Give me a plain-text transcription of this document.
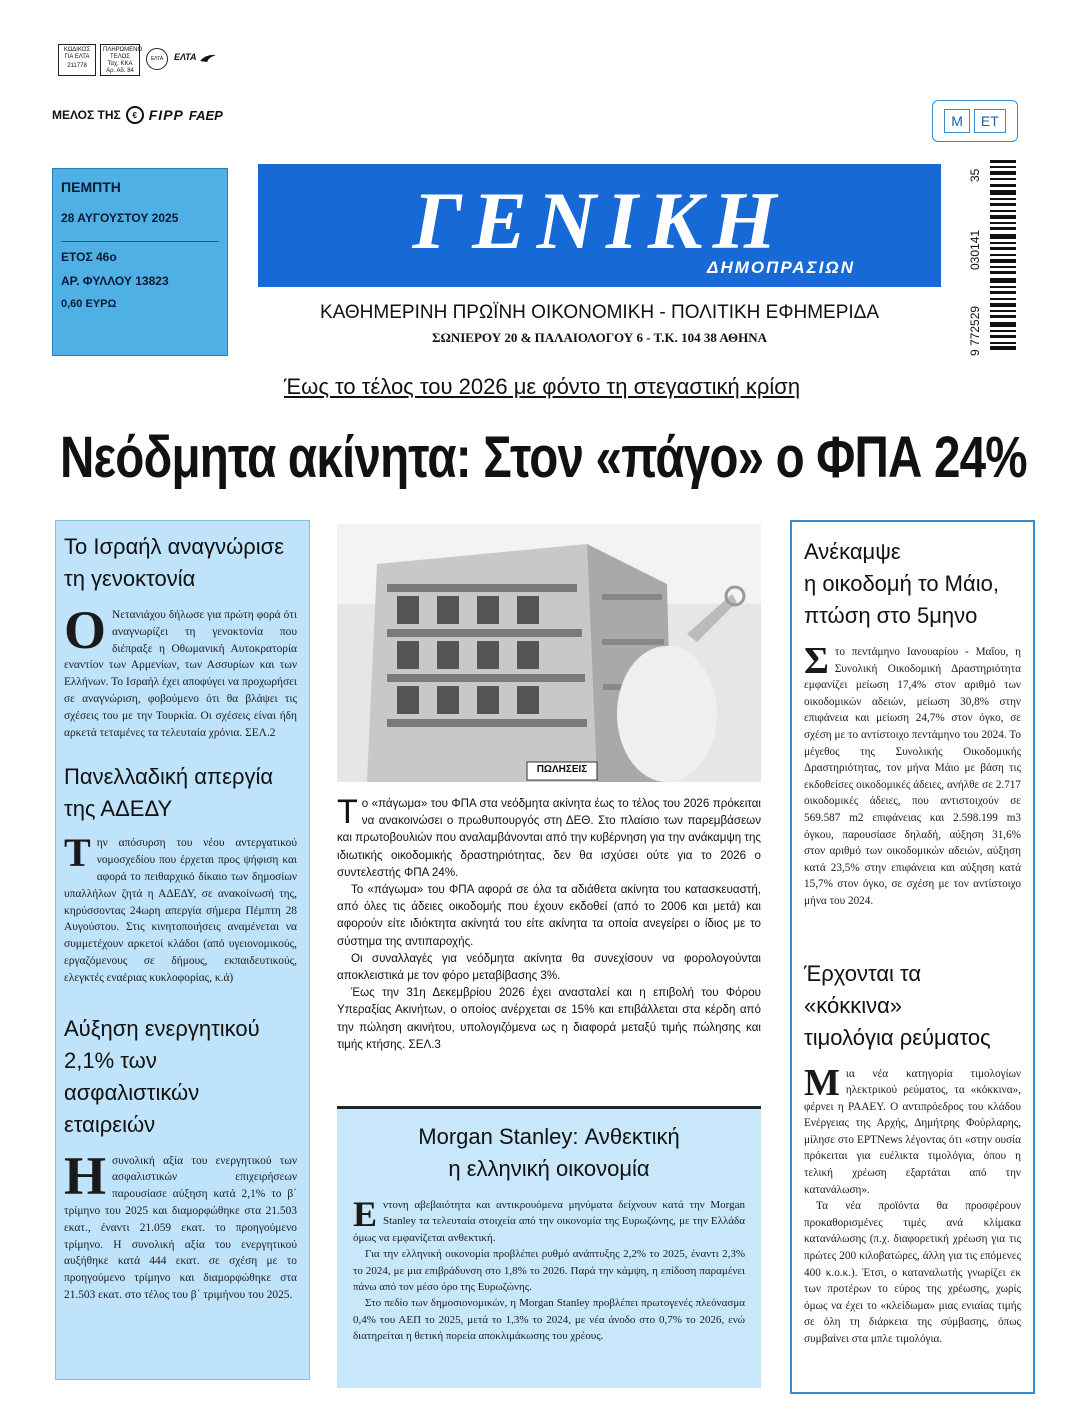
ΚΩΔΙΚΟΣ ΓΙΑ ΕΛΤΑ
211778
ΠΛΗΡΩΜΕΝΟ ΤΕΛΟΣ
Ταχ. ΚΚΑ
Αρ. Αδ. 84
ΕΛΤΑ	ΕΛΤΑ
ΜΕΛΟΣ ΤΗΣ	€ FIPP FAEP	Μ	ΕΤ
ΠΕΜΠΤΗ
28 ΑΥΓΟΥΣΤΟΥ 2025
ΕΤΟΣ 46ο
ΑΡ. ΦΥΛΛΟΥ 13823
0,60 ΕΥΡΩ
ΓΕΝΙΚΗ
ΔΗΜΟΠΡΑΣΙΩΝ
ΚΑΘΗΜΕΡΙΝΗ ΠΡΩΪΝΗ ΟΙΚΟΝΟΜΙΚΗ - ΠΟΛΙΤΙΚΗ ΕΦΗΜΕΡΙΔΑ
ΣΩΝΙΕΡΟΥ 20 & ΠΑΛΑΙΟΛΟΓΟΥ 6 - Τ.Κ. 104 38 ΑΘΗΝΑ
35
030141
9 772529
Έως το τέλος του 2026 με φόντο τη στεγαστική κρίση
Νεόδμητα ακίνητα: Στον «πάγο» ο ΦΠΑ 24%
Το Ισραήλ αναγνώρισε
τη γενοκτονία
Ο Νετανιάχου δήλωσε για πρώτη φορά ότι αναγνωρίζει τη γενοκτονία που διέπραξε η Οθωμανική Αυτοκρατορία εναντίον των Αρμενίων, των Ασσυρίων και των Ελλήνων. Το Ισραήλ έχει αποφύγει να προχωρήσει σε αναγνώριση, φοβούμενο ότι θα βλάψει τις σχέσεις του με την Τουρκία. Οι σχέσεις είναι ήδη αρκετά τεταμένες τα τελευταία χρόνια. ΣΕΛ.2
Πανελλαδική απεργία
της ΑΔΕΔΥ
Τ ην απόσυρση του νέου αντεργατικού νομοσχεδίου που έρχεται προς ψήφιση και αφορά το πειθαρχικό δίκαιο των δημοσίων υπαλλήλων ζητά η ΑΔΕΔΥ, σε ανακοίνωσή της, κηρύσσοντας 24ωρη απεργία σήμερα Πέμπτη 28 Αυγούστου. Στις κινητοποιήσεις αναμένεται να συμμετέχουν αρκετοί κλάδοι (από υγειονομικούς, εργαζόμενους σε δήμους, εκπαιδευτικούς, ελεγκτές εναέριας κυκλοφορίας, κ.ά)
Αύξηση ενεργητικού
2,1% των ασφαλιστικών
εταιρειών
Η συνολική αξία του ενεργητικού των ασφαλιστικών επιχειρήσεων παρουσίασε αύξηση κατά 2,1% το β΄ τρίμηνο του 2025 και διαμορφώθηκε στα 21.503 εκατ., έναντι 21.059 εκατ. το προηγούμενο τρίμηνο. Η συνολική αξία του ενεργητικού αυξήθηκε κατά 444 εκατ. σε σχέση με το προηγούμενο τρίμηνο και διαμορφώθηκε στα 21.503 εκατ. στο τέλος του β΄ τριμήνου του 2025.
ΠΩΛΗΣΕΙΣ

Το «πάγωμα» του ΦΠΑ στα νεόδμητα ακίνητα έως το τέλος του 2026 πρόκειται να ανακοινώσει ο πρωθυπουργός στη ΔΕΘ. Στο πλαίσιο των παρεμβάσεων και πρωτοβουλιών που αναλαμβάνονται από την κυβέρνηση για την ανάκαμψη της ιδιωτικής οικοδομικής δραστηριότητας, δεν θα ισχύσει ούτε για το 2026 ο συντελεστής ΦΠΑ 24%.

Το «πάγωμα» του ΦΠΑ αφορά σε όλα τα αδιάθετα ακίνητα του κατασκευαστή, από όλες τις άδειες οικοδομής που έχουν εκδοθεί (από το 2006 και μετά) και αφορούν είτε ιδιόκτητα ακίνητά του είτε ακίνητα τα οποία ανεγείρει ο ίδιος με το σύστημα της αντιπαροχής.

Οι συναλλαγές για νεόδμητα ακίνητα θα συνεχίσουν να φορολογούνται αποκλειστικά με τον φόρο μεταβίβασης 3%.

Έως την 31η Δεκεμβρίου 2026 έχει ανασταλεί και η επιβολή του Φόρου Υπεραξίας Ακινήτων, ο οποίος ανέρχεται σε 15% και επιβάλλεται στα κέρδη από την πώληση ακινήτου, υπολογιζόμενα ως η διαφορά μεταξύ τιμής πώλησης και τιμής κτήσης. ΣΕΛ.3

Morgan Stanley: Ανθεκτική
η ελληνική οικονομία

Εντονη αβεβαιότητα και αντικρουόμενα μηνύματα δείχνουν κατά την Morgan Stanley τα τελευταία στοιχεία από την οικονομία της Ευρωζώνης, με την Ελλάδα όμως να εμφανίζεται ανθεκτική.

Για την ελληνική οικονομία προβλέπει ρυθμό ανάπτυξης 2,2% το 2025, έναντι 2,3% το 2024, με μια επιβράδυνση στο 1,8% το 2026. Παρά την κάμψη, η επίδοση παραμένει πάνω από τον μέσο όρο της Ευρωζώνης.

Στο πεδίο των δημοσιονομικών, η Morgan Stanley προβλέπει πρωτογενές πλεόνασμα 0,4% του ΑΕΠ το 2025, μετά το 1,3% το 2024, με νέα άνοδο στο 0,7% το 2026, ενώ διατηρείται η θετική πορεία αποκλιμάκωσης του χρέους.

Ανέκαμψε
η οικοδομή το Μάιο,
πτώση στο 5μηνο
Σ το πεντάμηνο Ιανουαρίου - Μαΐου, η Συνολική Οικοδομική Δραστηριότητα εμφανίζει μείωση 17,4% στον αριθμό των οικοδομικών αδειών, μείωση 30,8% στην επιφάνεια και μείωση 24,7% στον όγκο, σε σχέση με το αντίστοιχο πεντάμηνο του 2024. Το μέγεθος της Συνολικής Οικοδομικής Δραστηριότητας, τον μήνα Μάιο με βάση τις εκδοθείσες οικοδομικές άδειες, ανήλθε σε 2.717 οικοδομικές άδειες, που αντιστοιχούν σε 569.587 m2 επιφάνειας και 2.598.199 m3 όγκου, παρουσίασε δηλαδή, αύξηση 31,6% στον αριθμό των οικοδομικών αδειών, αύξηση κατά 23,5% στην επιφάνεια και αύξηση κατά 15,7% στον όγκο, σε σχέση με τον αντίστοιχο μήνα του 2024.
Έρχονται τα «κόκκινα»
τιμολόγια ρεύματος

Μια νέα κατηγορία τιμολογίων ηλεκτρικού ρεύματος, τα «κόκκινα», φέρνει η ΡΑΑΕΥ. Ο αντιπρόεδρος του κλάδου Ενέργειας της Αρχής, Δημήτρης Φούρλαρης, μίλησε στο ΕΡΤNews λέγοντας ότι «στην ουσία πρόκειται για ευέλικτα τιμολόγια, όπου η τελική χρέωση εξαρτάται από την κατανάλωση».

Τα νέα προϊόντα θα προσφέρουν προκαθορισμένες τιμές ανά κλίμακα κατανάλωσης (π.χ. διαφορετική χρέωση για τις πρώτες 200 κιλοβατώρες, άλλη για τις επόμενες 400 κ.ο.κ.). Έτσι, ο καταναλωτής γνωρίζει εκ των προτέρων το εύρος της χρέωσης, χωρίς όμως να έχει το «κλείδωμα» μιας ενιαίας τιμής σε όλη τη διάρκεια της σύμβασης, όπως συμβαίνει στα μπλε τιμολόγια.
